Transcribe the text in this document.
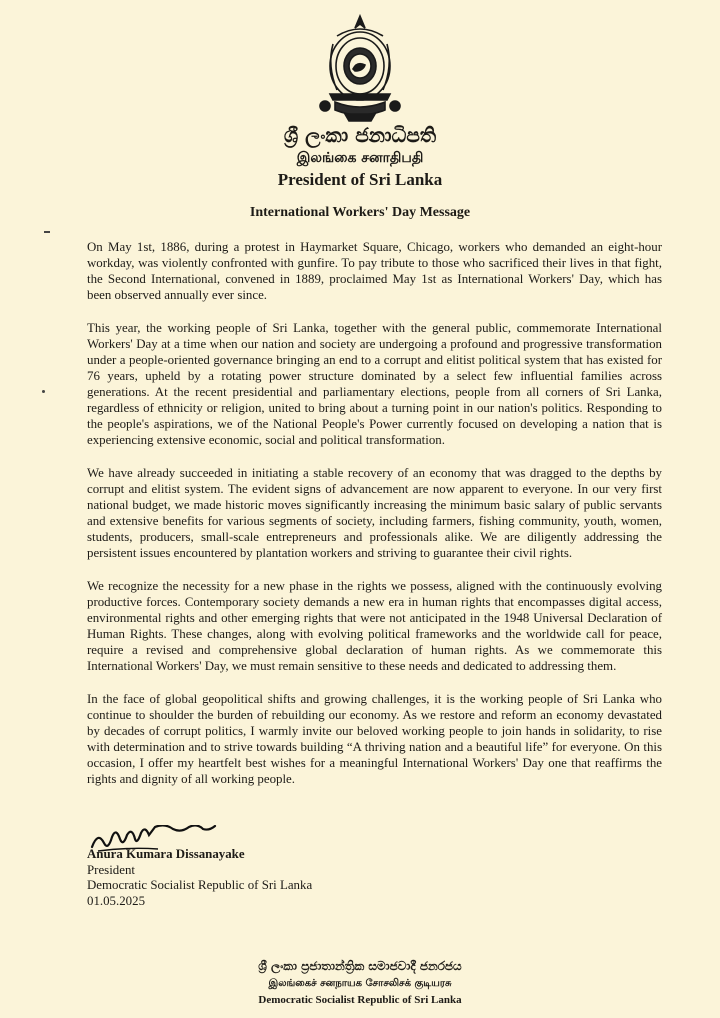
ශ්‍රී ලංකා ජනාධිපති
இலங்கை சனாதிபதி
President of Sri Lanka
International Workers' Day Message

On May 1st, 1886, during a protest in Haymarket Square, Chicago, workers who demanded an eight-hour workday, was violently confronted with gunfire. To pay tribute to those who sacrificed their lives in that fight, the Second International, convened in 1889, proclaimed May 1st as International Workers' Day, which has been observed annually ever since.

This year, the working people of Sri Lanka, together with the general public, commemorate International Workers' Day at a time when our nation and society are undergoing a profound and progressive transformation under a people-oriented governance bringing an end to a corrupt and elitist political system that has existed for 76 years, upheld by a rotating power structure dominated by a select few influential families across generations. At the recent presidential and parliamentary elections, people from all corners of Sri Lanka, regardless of ethnicity or religion, united to bring about a turning point in our nation's politics. Responding to the people's aspirations, we of the National People's Power currently focused on developing a nation that is experiencing extensive economic, social and political transformation.

We have already succeeded in initiating a stable recovery of an economy that was dragged to the depths by corrupt and elitist system. The evident signs of advancement are now apparent to everyone. In our very first national budget, we made historic moves significantly increasing the minimum basic salary of public servants and extensive benefits for various segments of society, including farmers, fishing community, youth, women, students, producers, small-scale entrepreneurs and professionals alike. We are diligently addressing the persistent issues encountered by plantation workers and striving to guarantee their civil rights.

We recognize the necessity for a new phase in the rights we possess, aligned with the continuously evolving productive forces. Contemporary society demands a new era in human rights that encompasses digital access, environmental rights and other emerging rights that were not anticipated in the 1948 Universal Declaration of Human Rights. These changes, along with evolving political frameworks and the worldwide call for peace, require a revised and comprehensive global declaration of human rights. As we commemorate this International Workers' Day, we must remain sensitive to these needs and dedicated to addressing them.

In the face of global geopolitical shifts and growing challenges, it is the working people of Sri Lanka who continue to shoulder the burden of rebuilding our economy. As we restore and reform an economy devastated by decades of corrupt politics, I warmly invite our beloved working people to join hands in solidarity, to rise with determination and to strive towards building “A thriving nation and a beautiful life” for everyone. On this occasion, I offer my heartfelt best wishes for a meaningful International Workers' Day one that reaffirms the rights and dignity of all working people.

Anura Kumara Dissanayake
President
Democratic Socialist Republic of Sri Lanka
01.05.2025
ශ්‍රී ලංකා ප්‍රජාතාන්ත්‍රික සමාජවාදී ජනරජය
இலங்கைச் சனநாயக சோசலிசக் குடியரசு
Democratic Socialist Republic of Sri Lanka
